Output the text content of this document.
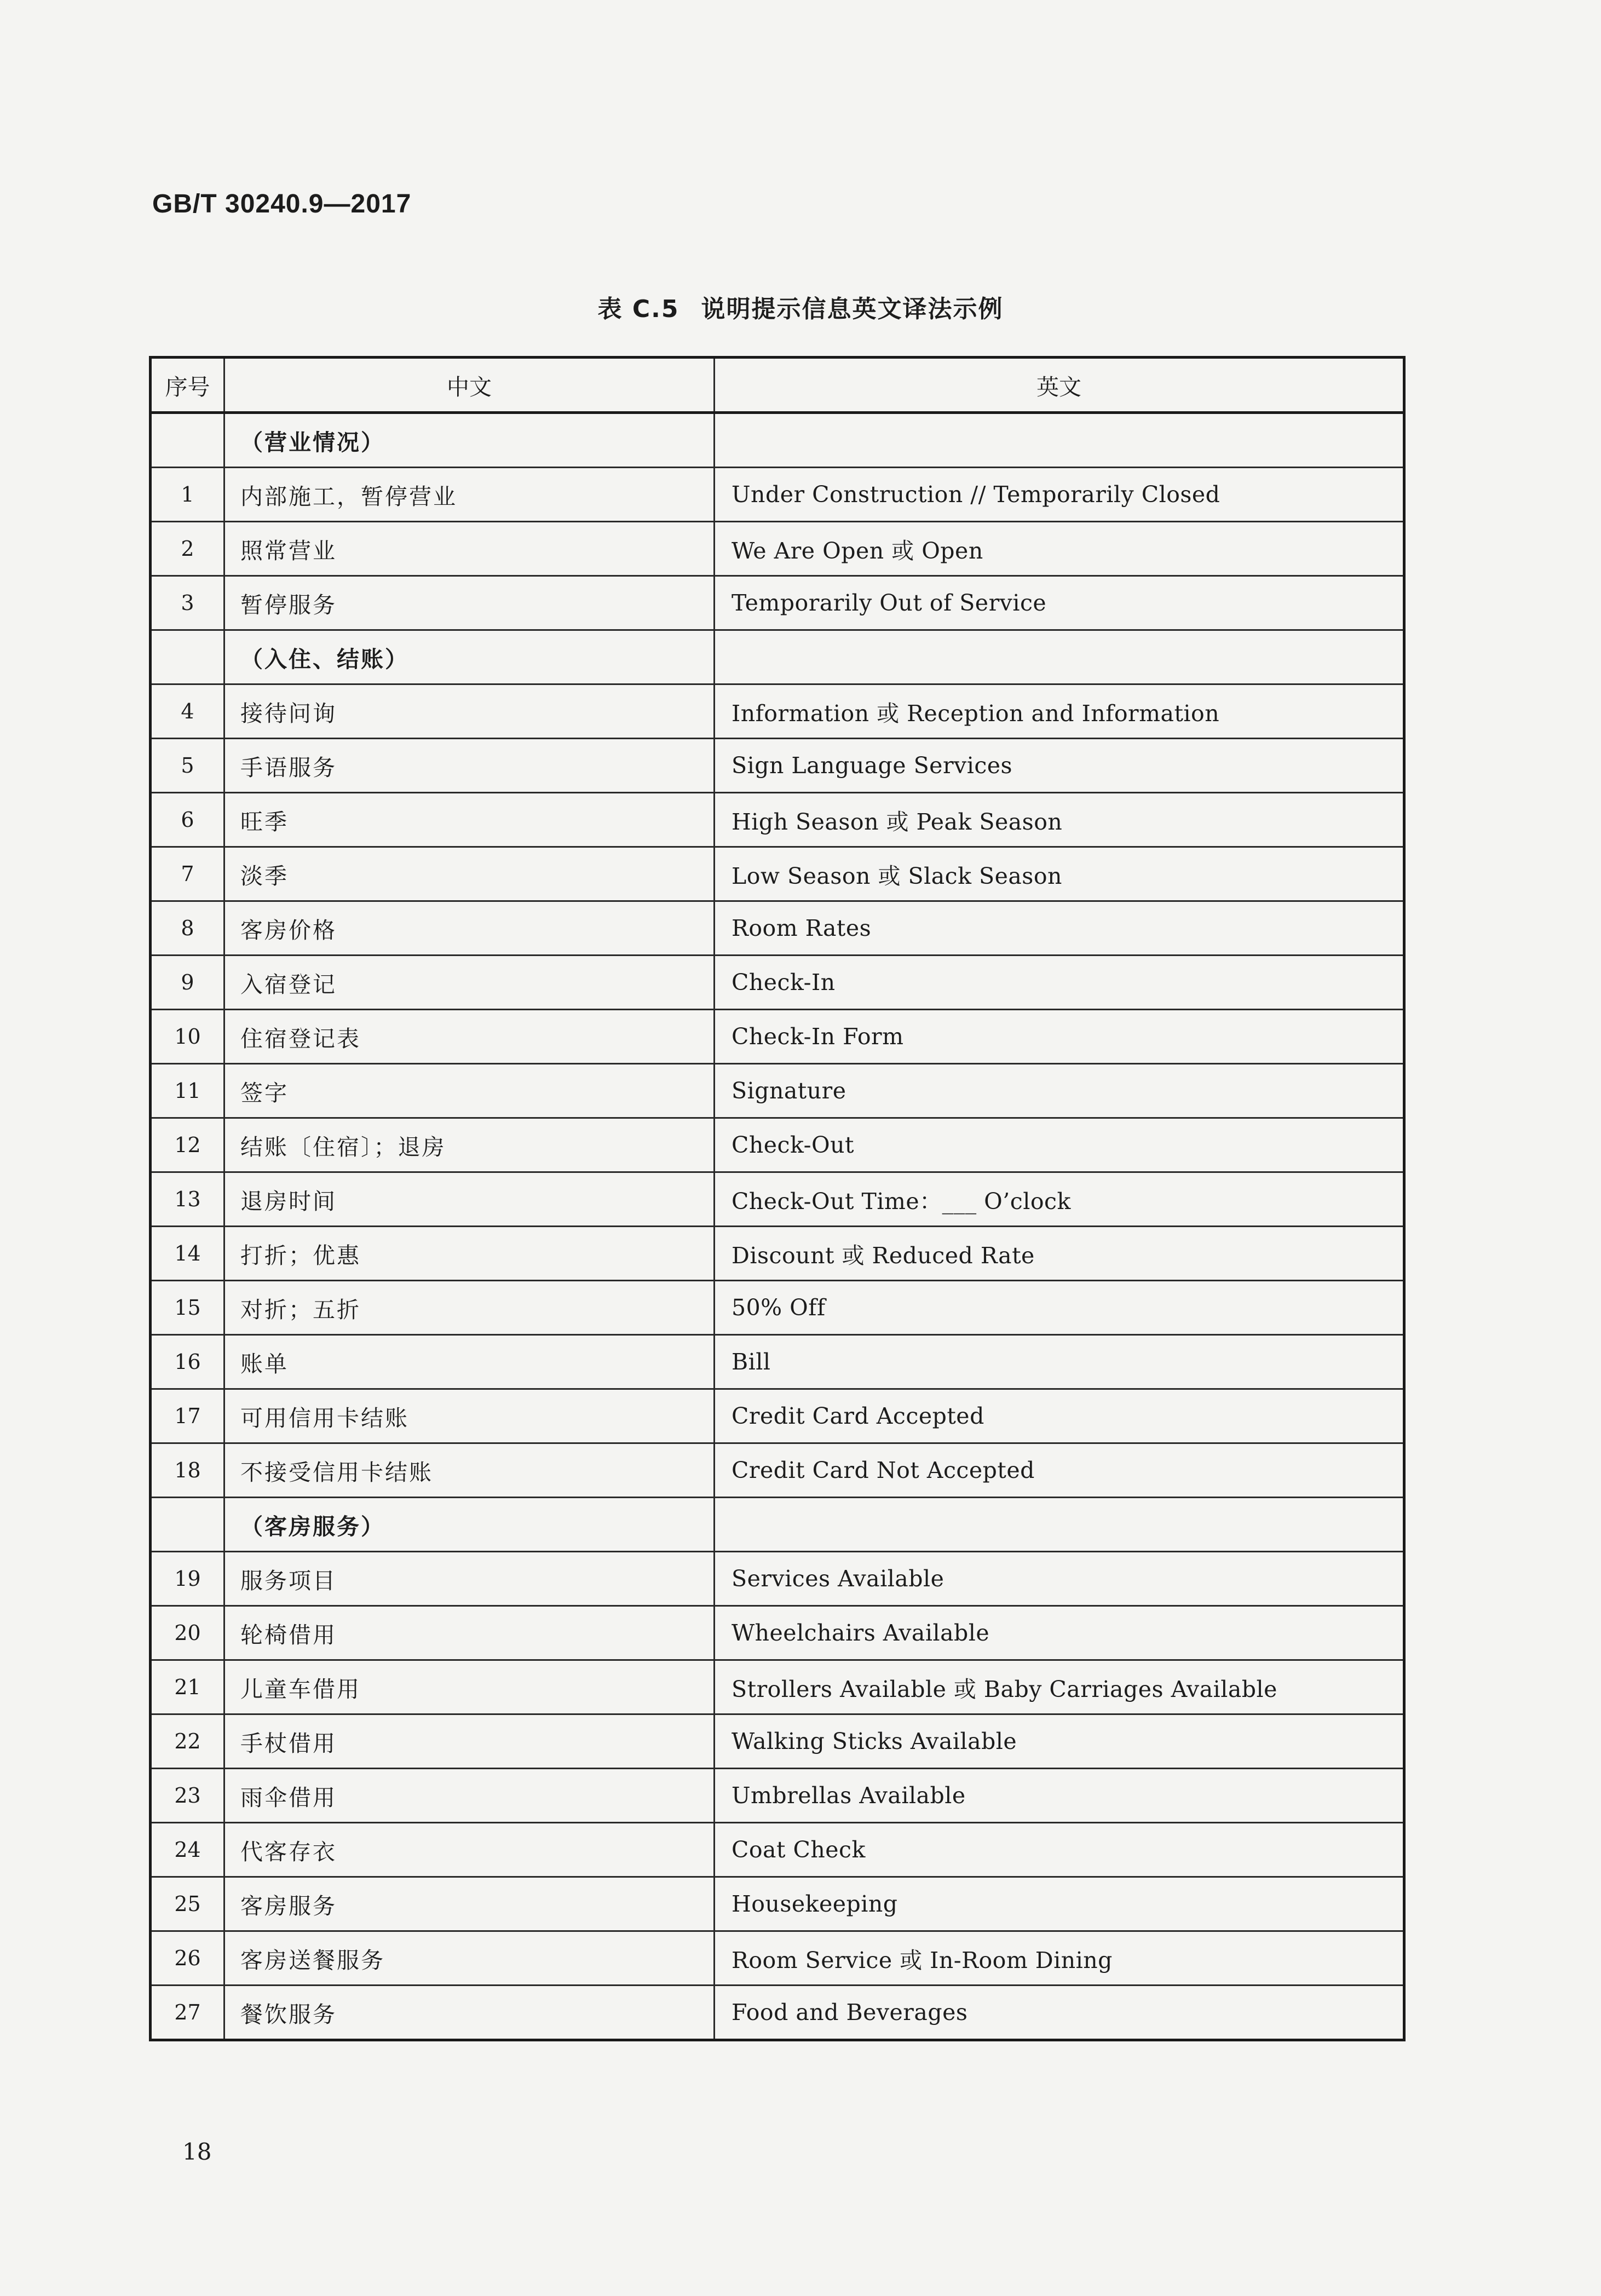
GB/T 30240.9—2017
表 C.5 说明提示信息英文译法示例
序号	中文	英文
	（营业情况）	
1	内部施工，暂停营业	Under Construction // Temporarily Closed
2	照常营业	We Are Open 或 Open
3	暂停服务	Temporarily Out of Service
	（入住、结账）	
4	接待问询	Information 或 Reception and Information
5	手语服务	Sign Language Services
6	旺季	High Season 或 Peak Season
7	淡季	Low Season 或 Slack Season
8	客房价格	Room Rates
9	入宿登记	Check-In
10	住宿登记表	Check-In Form
11	签字	Signature
12	结账〔住宿〕；退房	Check-Out
13	退房时间	Check-Out Time：___ O’clock
14	打折；优惠	Discount 或 Reduced Rate
15	对折；五折	50% Off
16	账单	Bill
17	可用信用卡结账	Credit Card Accepted
18	不接受信用卡结账	Credit Card Not Accepted
	（客房服务）	
19	服务项目	Services Available
20	轮椅借用	Wheelchairs Available
21	儿童车借用	Strollers Available 或 Baby Carriages Available
22	手杖借用	Walking Sticks Available
23	雨伞借用	Umbrellas Available
24	代客存衣	Coat Check
25	客房服务	Housekeeping
26	客房送餐服务	Room Service 或 In-Room Dining
27	餐饮服务	Food and Beverages
18
